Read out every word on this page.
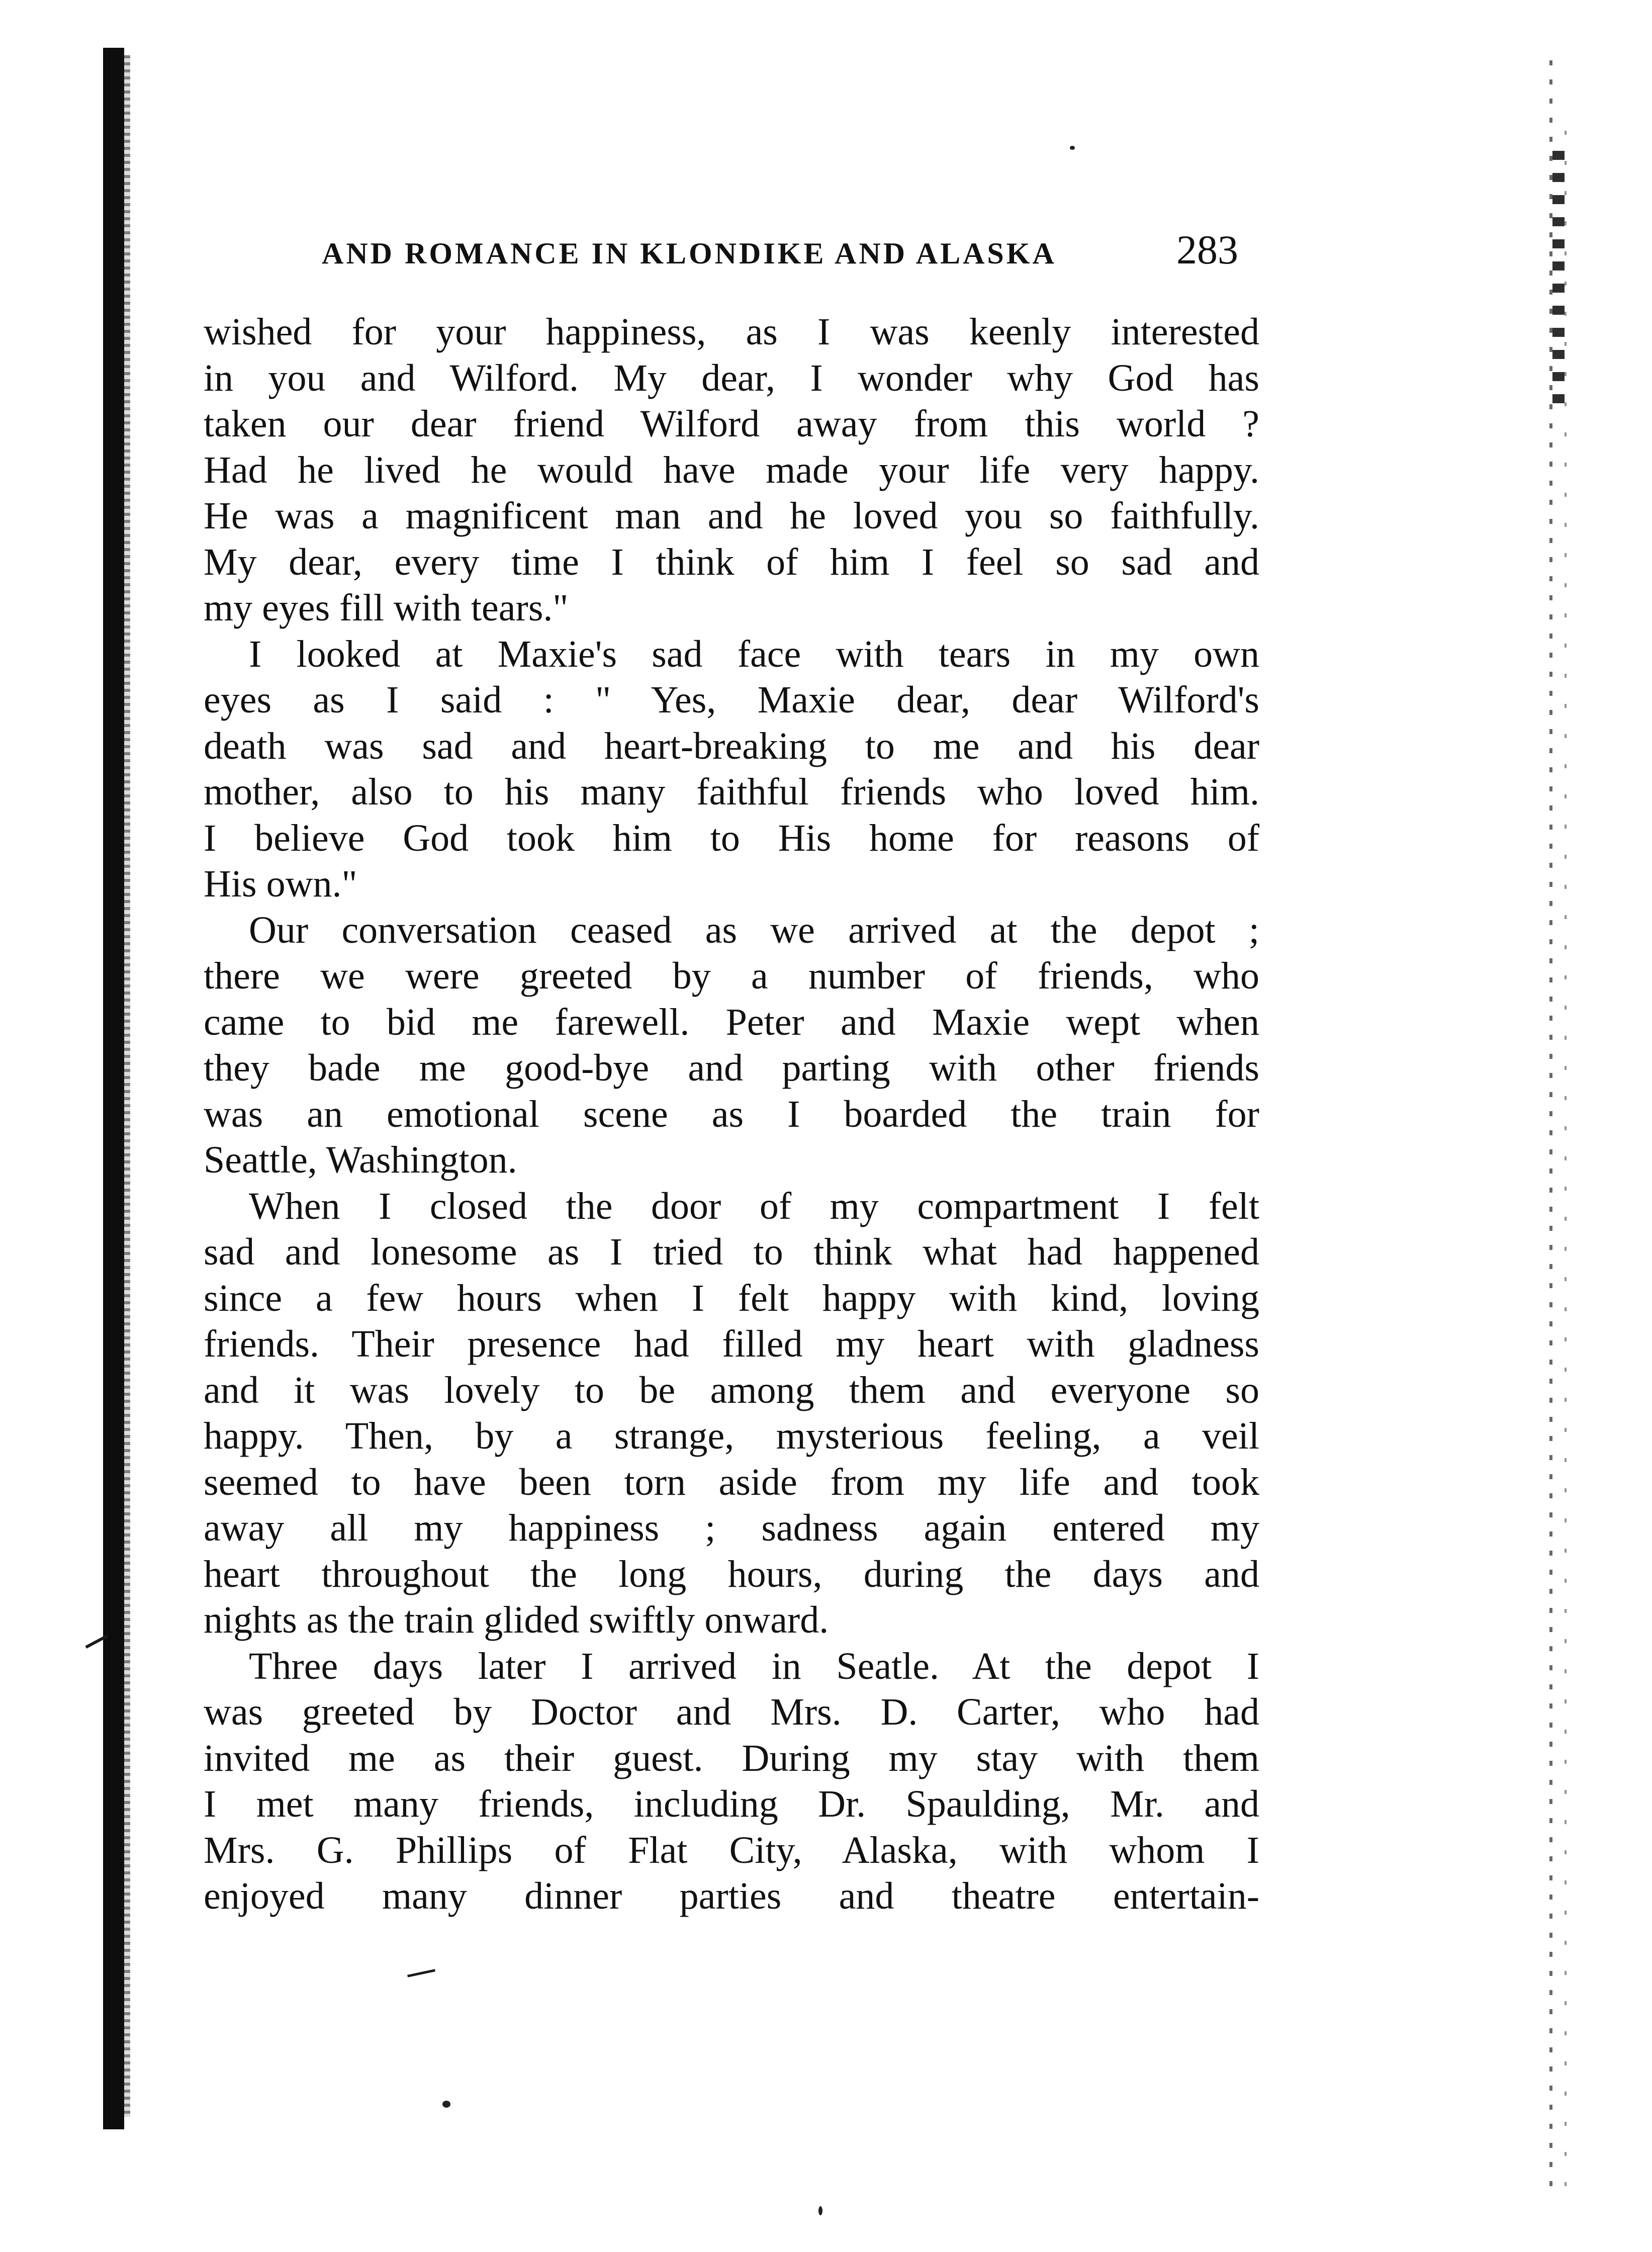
AND ROMANCE IN KLONDIKE AND ALASKA	283
wished for your happiness, as I was keenly interested
in you and Wilford. My dear, I wonder why God has
taken our dear friend Wilford away from this world ?
Had he lived he would have made your life very happy.
He was a magnificent man and he loved you so faithfully.
My dear, every time I think of him I feel so sad and
my eyes fill with tears."
I looked at Maxie's sad face with tears in my own
eyes as I said : " Yes, Maxie dear, dear Wilford's
death was sad and heart-breaking to me and his dear
mother, also to his many faithful friends who loved him.
I believe God took him to His home for reasons of
His own."
Our conversation ceased as we arrived at the depot ;
there we were greeted by a number of friends, who
came to bid me farewell. Peter and Maxie wept when
they bade me good-bye and parting with other friends
was an emotional scene as I boarded the train for
Seattle, Washington.
When I closed the door of my compartment I felt
sad and lonesome as I tried to think what had happened
since a few hours when I felt happy with kind, loving
friends. Their presence had filled my heart with gladness
and it was lovely to be among them and everyone so
happy. Then, by a strange, mysterious feeling, a veil
seemed to have been torn aside from my life and took
away all my happiness ; sadness again entered my
heart throughout the long hours, during the days and
nights as the train glided swiftly onward.
Three days later I arrived in Seatle. At the depot I
was greeted by Doctor and Mrs. D. Carter, who had
invited me as their guest. During my stay with them
I met many friends, including Dr. Spaulding, Mr. and
Mrs. G. Phillips of Flat City, Alaska, with whom I
enjoyed many dinner parties and theatre entertain-
